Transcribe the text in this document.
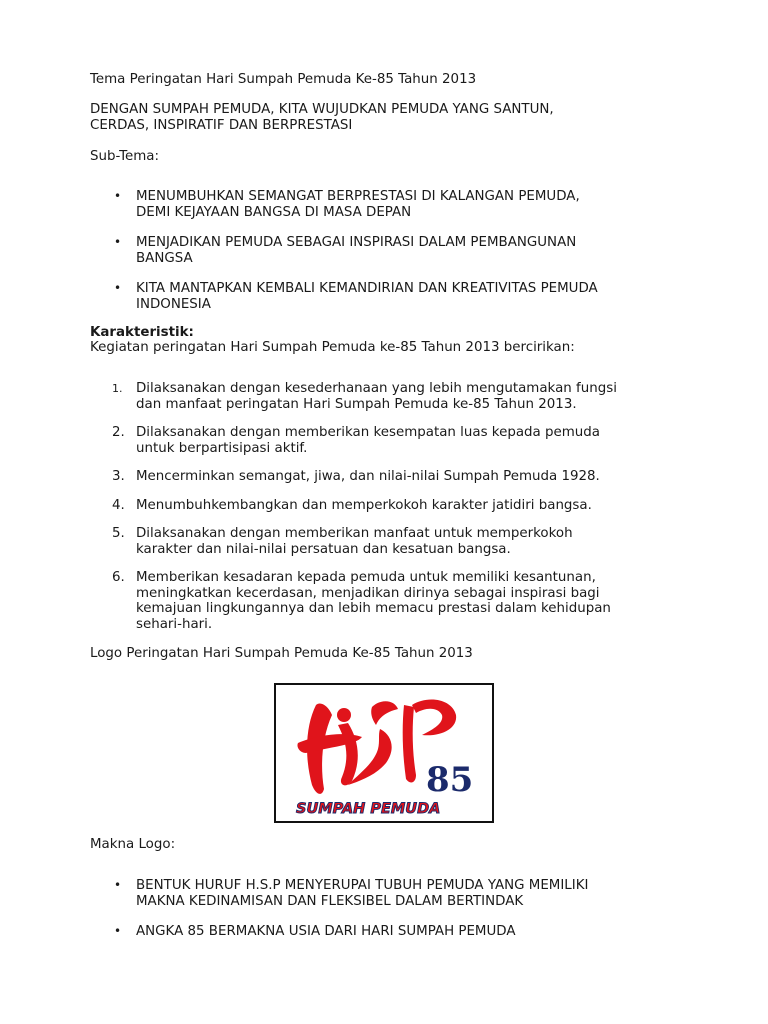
Tema Peringatan Hari Sumpah Pemuda Ke-85 Tahun 2013

DENGAN SUMPAH PEMUDA, KITA WUJUDKAN PEMUDA YANG SANTUN,
CERDAS, INSPIRATIF DAN BERPRESTASI

Sub-Tema:

• MENUMBUHKAN SEMANGAT BERPRESTASI DI KALANGAN PEMUDA,
DEMI KEJAYAAN BANGSA DI MASA DEPAN
• MENJADIKAN PEMUDA SEBAGAI INSPIRASI DALAM PEMBANGUNAN
BANGSA
• KITA MANTAPKAN KEMBALI KEMANDIRIAN DAN KREATIVITAS PEMUDA
INDONESIA

Karakteristik:

Kegiatan peringatan Hari Sumpah Pemuda ke-85 Tahun 2013 bercirikan:

1. Dilaksanakan dengan kesederhanaan yang lebih mengutamakan fungsi
dan manfaat peringatan Hari Sumpah Pemuda ke-85 Tahun 2013.
2. Dilaksanakan dengan memberikan kesempatan luas kepada pemuda
untuk berpartisipasi aktif.
3. Mencerminkan semangat, jiwa, dan nilai-nilai Sumpah Pemuda 1928.
4. Menumbuhkembangkan dan memperkokoh karakter jatidiri bangsa.
5. Dilaksanakan dengan memberikan manfaat untuk memperkokoh
karakter dan nilai-nilai persatuan dan kesatuan bangsa.
6. Memberikan kesadaran kepada pemuda untuk memiliki kesantunan,
meningkatkan kecerdasan, menjadikan dirinya sebagai inspirasi bagi
kemajuan lingkungannya dan lebih memacu prestasi dalam kehidupan
sehari-hari.

Logo Peringatan Hari Sumpah Pemuda Ke-85 Tahun 2013

85
SUMPAH PEMUDA

Makna Logo:

• BENTUK HURUF H.S.P MENYERUPAI TUBUH PEMUDA YANG MEMILIKI
MAKNA KEDINAMISAN DAN FLEKSIBEL DALAM BERTINDAK
• ANGKA 85 BERMAKNA USIA DARI HARI SUMPAH PEMUDA
